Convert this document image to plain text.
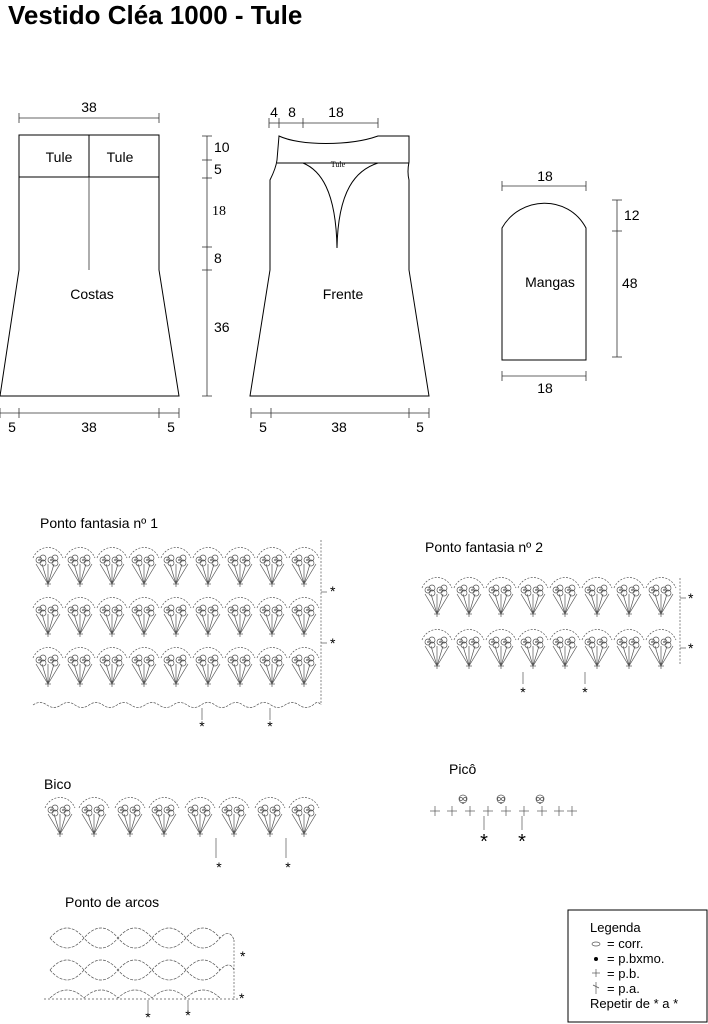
Vestido Cléa 1000 - Tule
38
Tule Tule
Costas
10
5
18
8
36
5	38	5
4 8 18
Tule
Frente
5	38	5
18
Mangas
12
48
18
Ponto fantasia nº 1
*
*
*	*
Ponto fantasia nº 2
*
*
*	*
Bico
*	*
Picô
* *
Ponto de arcos
*
*
* *
Legenda
= corr.
= p.bxmo.
= p.b.
= p.a.
Repetir de * a *
